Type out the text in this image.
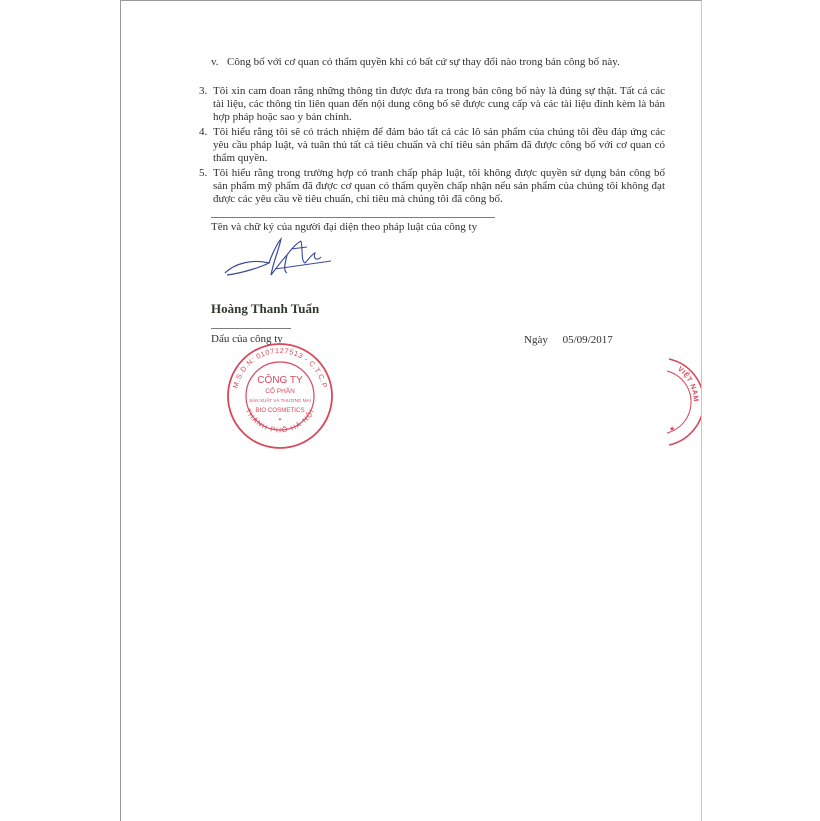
v. Công bố với cơ quan có thẩm quyền khi có bất cứ sự thay đổi nào trong bản công bố này.
3. Tôi xin cam đoan rằng những thông tin được đưa ra trong bản công bố này là đúng sự thật. Tất cả các tài liệu, các thông tin liên quan đến nội dung công bố sẽ được cung cấp và các tài liệu đính kèm là bản hợp pháp hoặc sao y bản chính.
4. Tôi hiểu rằng tôi sẽ có trách nhiệm để đảm bảo tất cả các lô sản phẩm của chúng tôi đều đáp ứng các yêu cầu pháp luật, và tuân thủ tất cả tiêu chuẩn và chỉ tiêu sản phẩm đã được công bố với cơ quan có thẩm quyền.
5. Tôi hiểu rằng trong trường hợp có tranh chấp pháp luật, tôi không được quyền sử dụng bản công bố sản phẩm mỹ phẩm đã được cơ quan có thẩm quyền chấp nhận nếu sản phẩm của chúng tôi không đạt được các yêu cầu về tiêu chuẩn, chỉ tiêu mà chúng tôi đã công bố.
Tên và chữ ký của người đại diện theo pháp luật của công ty
Hoàng Thanh Tuấn
Dấu của công ty	Ngày 05/09/2017
M.S.D.N: 0107127513 - C.T.C.P
THÀNH PHỐ HÀ NỘI
CÔNG TY
CỔ PHẦN
SẢN XUẤT VÀ THƯƠNG MẠI
BIO COSMETICS
✦
VIỆT NAM
★
